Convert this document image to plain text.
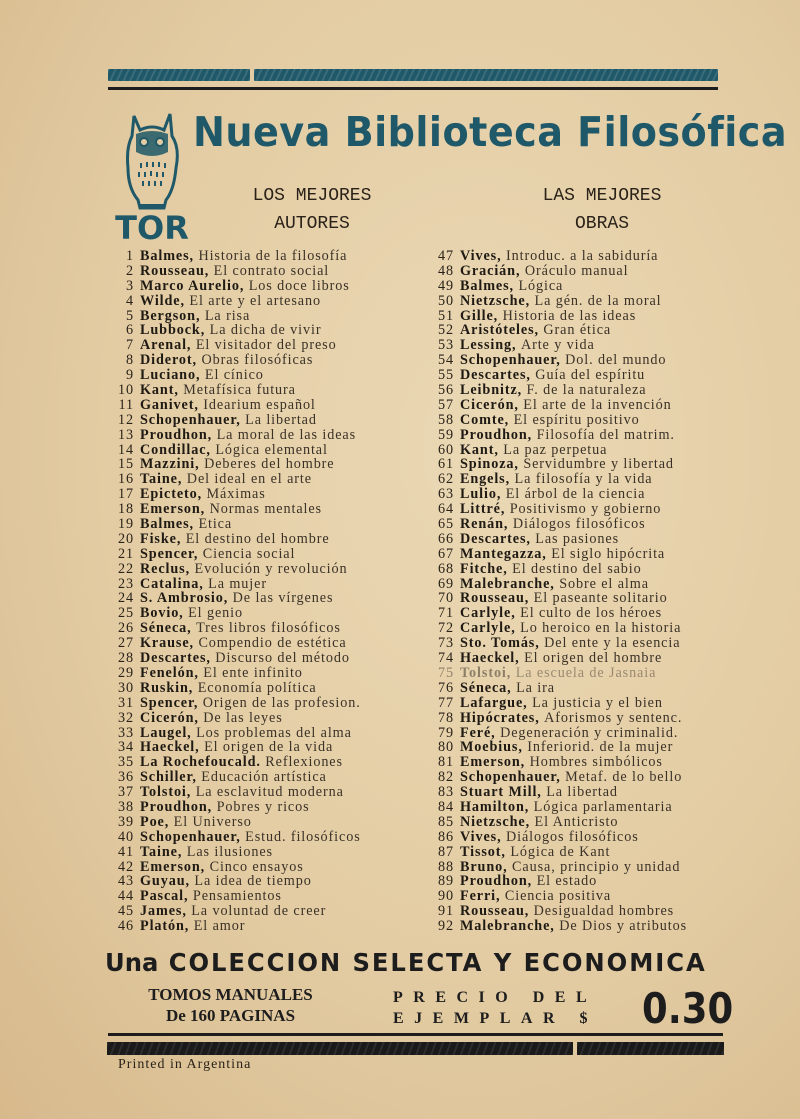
TOR
Nueva Biblioteca Filosófica
LOS MEJORES
AUTORES
LAS MEJORES
OBRAS
1 Balmes,
Historia de la filosofía
2 Rousseau,
El contrato social
3 Marco Aurelio,
Los doce libros
4 Wilde,
El arte y el artesano
5 Bergson,
La risa
6 Lubbock,
La dicha de vivir
7 Arenal,
El visitador del preso
8 Diderot,
Obras filosóficas
9 Luciano,
El cínico
10 Kant,
Metafísica futura
11 Ganivet,
Idearium español
12 Schopenhauer,
La libertad
13 Proudhon,
La moral de las ideas
14 Condillac,
Lógica elemental
15 Mazzini,
Deberes del hombre
16 Taine,
Del ideal en el arte
17 Epicteto,
Máximas
18 Emerson,
Normas mentales
19 Balmes,
Etica
20 Fiske,
El destino del hombre
21 Spencer,
Ciencia social
22 Reclus,
Evolución y revolución
23 Catalina,
La mujer
24 S. Ambrosio,
De las vírgenes
25 Bovio,
El genio
26 Séneca,
Tres libros filosóficos
27 Krause,
Compendio de estética
28 Descartes,
Discurso del método
29 Fenelón,
El ente infinito
30 Ruskin,
Economía política
31 Spencer,
Origen de las profesion.
32 Cicerón,
De las leyes
33 Laugel,
Los problemas del alma
34 Haeckel,
El origen de la vida
35 La Rochefoucald.
Reflexiones
36 Schiller,
Educación artística
37 Tolstoi,
La esclavitud moderna
38 Proudhon,
Pobres y ricos
39 Poe,
El Universo
40 Schopenhauer,
Estud. filosóficos
41 Taine,
Las ilusiones
42 Emerson,
Cinco ensayos
43 Guyau,
La idea de tiempo
44 Pascal,
Pensamientos
45 James,
La voluntad de creer
46 Platón,
El amor
47 Vives,
Introduc. a la sabiduría
48 Gracián,
Oráculo manual
49 Balmes,
Lógica
50 Nietzsche,
La gén. de la moral
51 Gille,
Historia de las ideas
52 Aristóteles,
Gran ética
53 Lessing,
Arte y vida
54 Schopenhauer,
Dol. del mundo
55 Descartes,
Guía del espíritu
56 Leibnitz,
F. de la naturaleza
57 Cicerón,
El arte de la invención
58 Comte,
El espíritu positivo
59 Proudhon,
Filosofía del matrim.
60 Kant,
La paz perpetua
61 Spinoza,
Servidumbre y libertad
62 Engels,
La filosofía y la vida
63 Lulio,
El árbol de la ciencia
64 Littré,
Positivismo y gobierno
65 Renán,
Diálogos filosóficos
66 Descartes,
Las pasiones
67 Mantegazza,
El siglo hipócrita
68 Fitche,
El destino del sabio
69 Malebranche,
Sobre el alma
70 Rousseau,
El paseante solitario
71 Carlyle,
El culto de los héroes
72 Carlyle,
Lo heroico en la historia
73 Sto. Tomás,
Del ente y la esencia
74 Haeckel,
El origen del hombre
75 Tolstoi,
La escuela de Jasnaia
76 Séneca,
La ira
77 Lafargue,
La justicia y el bien
78 Hipócrates,
Aforismos y sentenc.
79 Feré,
Degeneración y criminalid.
80 Moebius,
Inferiorid. de la mujer
81 Emerson,
Hombres simbólicos
82 Schopenhauer,
Metaf. de lo bello
83 Stuart Mill,
La libertad
84 Hamilton,
Lógica parlamentaria
85 Nietzsche,
El Anticristo
86 Vives,
Diálogos filosóficos
87 Tissot,
Lógica de Kant
88 Bruno,
Causa, principio y unidad
89 Proudhon,
El estado
90 Ferri,
Ciencia positiva
91 Rousseau,
Desigualdad hombres
92 Malebranche,
De Dios y atributos
Una COLECCION SELECTA Y ECONOMICA
TOMOS MANUALES
De 160 PAGINAS
PRECIO DEL
EJEMPLAR $ 0.30
Printed in Argentina
